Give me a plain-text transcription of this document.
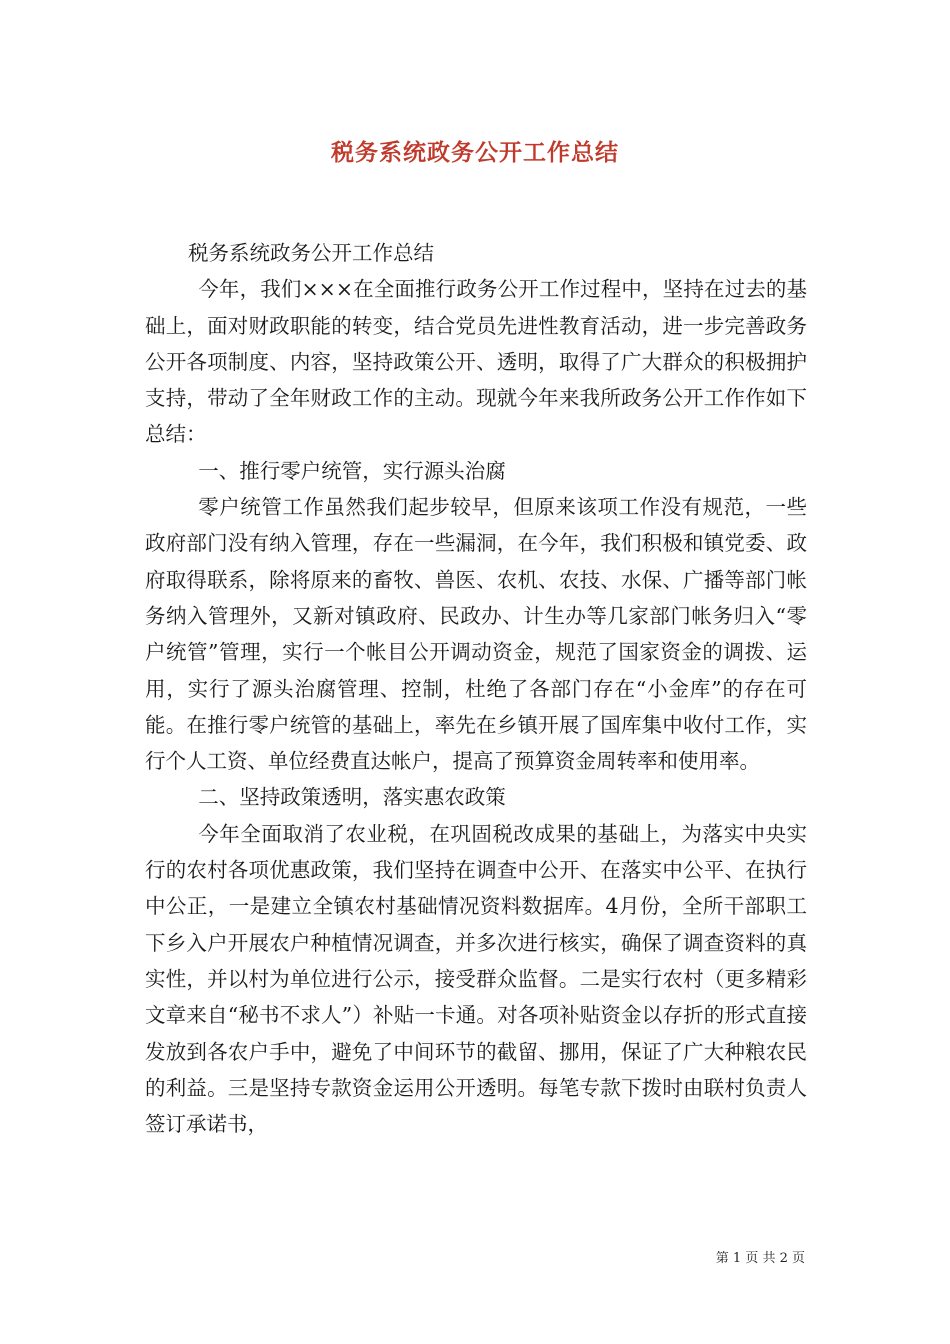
税务系统政务公开工作总结

税务系统政务公开工作总结

今年，我们×××在全面推行政务公开工作过程中，坚持在过去的基础上，面对财政职能的转变，结合党员先进性教育活动，进一步完善政务公开各项制度、内容，坚持政策公开、透明，取得了广大群众的积极拥护支持，带动了全年财政工作的主动。现就今年来我所政务公开工作作如下总结：

一、推行零户统管，实行源头治腐

零户统管工作虽然我们起步较早，但原来该项工作没有规范，一些政府部门没有纳入管理，存在一些漏洞，在今年，我们积极和镇党委、政府取得联系，除将原来的畜牧、兽医、农机、农技、水保、广播等部门帐务纳入管理外，又新对镇政府、民政办、计生办等几家部门帐务归入“零户统管”管理，实行一个帐目公开调动资金，规范了国家资金的调拨、运用，实行了源头治腐管理、控制，杜绝了各部门存在“小金库”的存在可能。在推行零户统管的基础上，率先在乡镇开展了国库集中收付工作，实行个人工资、单位经费直达帐户，提高了预算资金周转率和使用率。

二、坚持政策透明，落实惠农政策

今年全面取消了农业税，在巩固税改成果的基础上，为落实中央实行的农村各项优惠政策，我们坚持在调查中公开、在落实中公平、在执行中公正，一是建立全镇农村基础情况资料数据库。4月份，全所干部职工下乡入户开展农户种植情况调查，并多次进行核实，确保了调查资料的真实性，并以村为单位进行公示，接受群众监督。二是实行农村（更多精彩文章来自“秘书不求人”）补贴一卡通。对各项补贴资金以存折的形式直接发放到各农户手中，避免了中间环节的截留、挪用，保证了广大种粮农民的利益。三是坚持专款资金运用公开透明。每笔专款下拨时由联村负责人签订承诺书，

第 1 页 共 2 页
